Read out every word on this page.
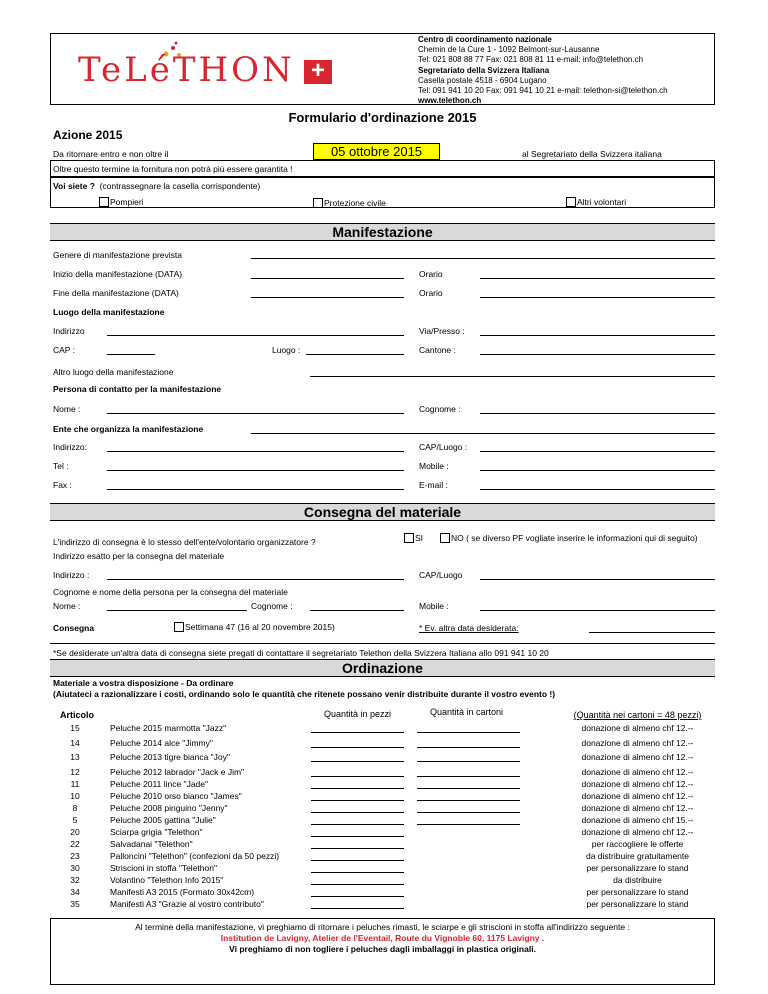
TeLéTHON +
Centro di coordinamento nazionale
Chemin de la Cure 1 - 1092 Belmont-sur-Lausanne
Tel: 021 808 88 77 Fax: 021 808 81 11 e-mail: info@telethon.ch
Segretariato della Svizzera Italiana
Casella postale 4518 - 6904 Lugano
Tel: 091 941 10 20 Fax: 091 941 10 21 e-mail: telethon-si@telethon.ch
www.telethon.ch
Formulario d'ordinazione 2015
Azione 2015
Da ritornare entro e non oltre il	05 ottobre 2015	al Segretariato della Svizzera italiana
Oltre questo termine la fornitura non potrà più essere garantita !
Voi siete ? (contrassegnare la casella corrispondente)
Pompieri	Protezione civile	Altri volontari
Manifestazione
Genere di manifestazione prevista
Inizio della manifestazione (DATA)	Orario
Fine della manifestazione (DATA)	Orario
Luogo della manifestazione
Indirizzo	Via/Presso :
CAP :	Luogo :	Cantone :
Altro luogo della manifestazione
Persona di contatto per la manifestazione
Nome :	Cognome :
Ente che organizza la manifestazione
Indirizzo:	CAP/Luogo :
Tel :	Mobile :
Fax :	E-mail :
Consegna del materiale
L'indirizzo di consegna è lo stesso dell'ente/volontario organizzatore ?	SI	NO ( se diverso PF vogliate inserire le informazioni qui di seguito)
Indirizzo esatto per la consegna del materiale
Indirizzo :	CAP/Luogo
Cognome e nome della persona per la consegna del materiale
Nome :	Cognome :	Mobile :
Consegna	Settimana 47 (16 al 20 novembre 2015)	* Ev. altra data desiderata:
*Se desiderate un'altra data di consegna siete pregati di contattare il segretariato Telethon della Svizzera Italiana allo 091 941 10 20
Ordinazione
Materiale a vostra disposizione - Da ordinare
(Aiutateci a razionalizzare i costi, ordinando solo le quantità che ritenete possano venir distribuite durante il vostro evento !)
Articolo	Quantità in pezzi	Quantità in cartoni	(Quantità nei cartoni = 48 pezzi)
15	Peluche 2015 marmotta "Jazz"	donazione di almeno chf 12.--
14	Peluche 2014 alce "Jimmy"	donazione di almeno chf 12.--
13	Peluche 2013 tigre bianca "Joy"	donazione di almeno chf 12.--
12	Peluche 2012 labrador "Jack e Jim"	donazione di almeno chf 12.--
11	Peluche 2011 lince "Jade"	donazione di almeno chf 12.--
10	Peluche 2010 orso bianco "James"	donazione di almeno chf 12.--
8	Peluche 2008 pinguino "Jenny"	donazione di almeno chf 12.--
5	Peluche 2005 gattina "Julie"	donazione di almeno chf 15.--
20	Sciarpa grigia "Telethon"	donazione di almeno chf 12.--
22	Salvadanai "Telethon"	per raccogliere le offerte
23	Palloncini "Telethon" (confezioni da 50 pezzi)	da distribuire gratuitamente
30	Striscioni in stoffa "Telethon"	per personalizzare lo stand
32	Volantino "Telethon Info 2015"	da distribuire
34	Manifesti A3 2015 (Formato 30x42cm)	per personalizzare lo stand
35	Manifesti A3 "Grazie al vostro contributo"	per personalizzare lo stand
Al termine della manifestazione, vi preghiamo di ritornare i peluches rimasti, le sciarpe e gli striscioni in stoffa all'indirizzo seguente :
Institution de Lavigny, Atelier de l'Eventail, Route du Vignoble 60, 1175 Lavigny .
Vi preghiamo di non togliere i peluches dagli imballaggi in plastica originali.
